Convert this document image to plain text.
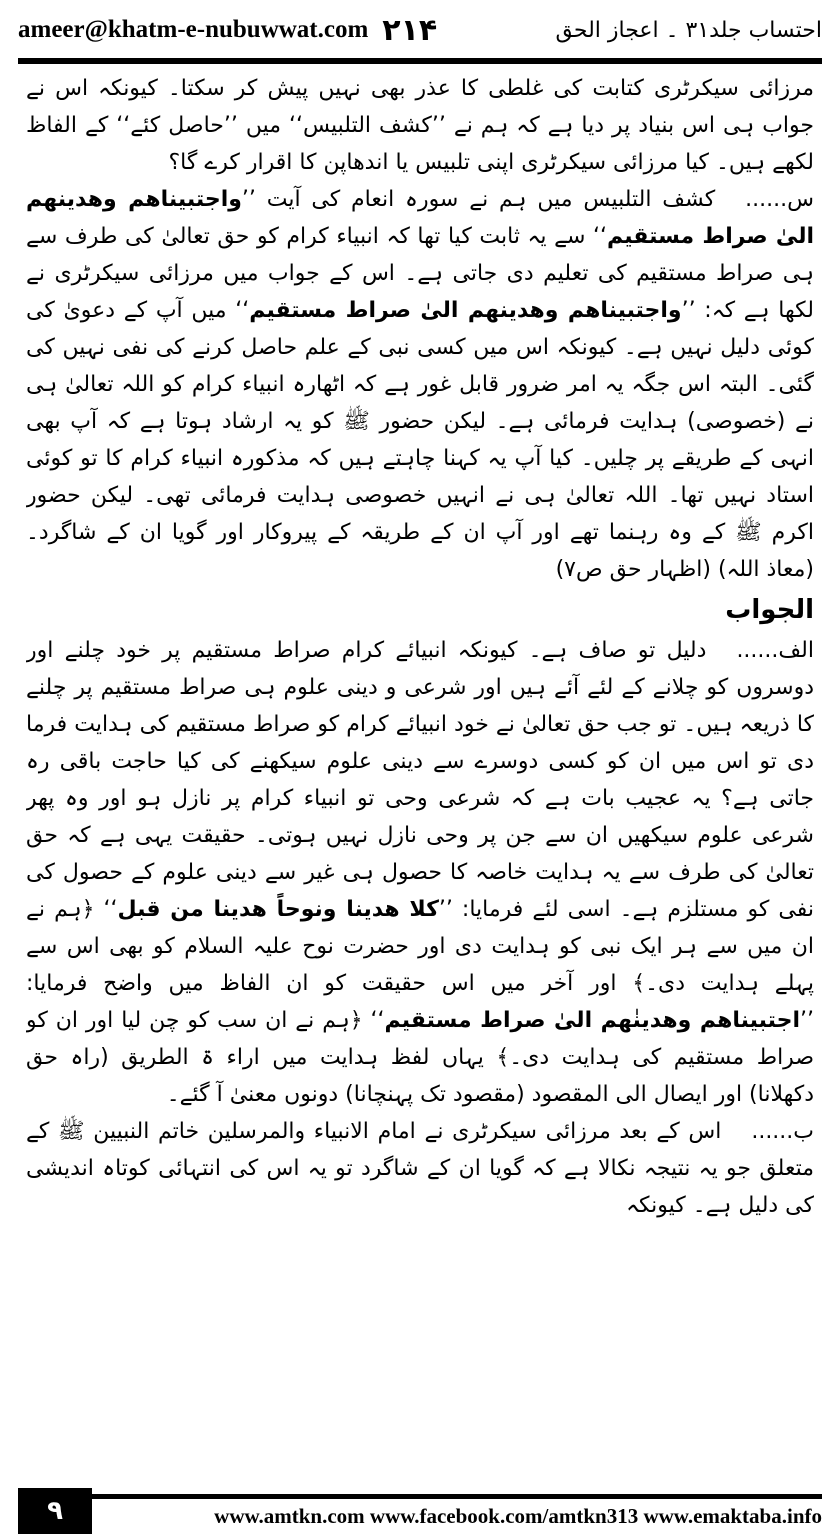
ameer@khatm-e-nubuwwat.com ۲۱۴	احتساب جلد۳۱ ۔ اعجاز الحق

مرزائی سیکرٹری کتابت کی غلطی کا عذر بھی نہیں پیش کر سکتا۔ کیونکہ اس نے جواب ہی اس بنیاد پر دیا ہے کہ ہم نے ’’کشف التلبیس‘‘ میں ’’حاصل کئے‘‘ کے الفاظ لکھے ہیں۔ کیا مرزائی سیکرٹری اپنی تلبیس یا اندھاپن کا اقرار کرے گا؟

س......کشف التلبیس میں ہم نے سورہ انعام کی آیت ’’واجتبیناھم وھدینھم الیٰ صراط مستقیم‘‘ سے یہ ثابت کیا تھا کہ انبیاء کرام کو حق تعالیٰ کی طرف سے ہی صراط مستقیم کی تعلیم دی جاتی ہے۔ اس کے جواب میں مرزائی سیکرٹری نے لکھا ہے کہ: ’’واجتبیناھم وھدینھم الیٰ صراط مستقیم‘‘ میں آپ کے دعویٰ کی کوئی دلیل نہیں ہے۔ کیونکہ اس میں کسی نبی کے علم حاصل کرنے کی نفی نہیں کی گئی۔ البتہ اس جگہ یہ امر ضرور قابل غور ہے کہ اٹھارہ انبیاء کرام کو اللہ تعالیٰ ہی نے (خصوصی) ہدایت فرمائی ہے۔ لیکن حضور ﷺ کو یہ ارشاد ہوتا ہے کہ آپ بھی انہی کے طریقے پر چلیں۔ کیا آپ یہ کہنا چاہتے ہیں کہ مذکورہ انبیاء کرام کا تو کوئی استاد نہیں تھا۔ اللہ تعالیٰ ہی نے انہیں خصوصی ہدایت فرمائی تھی۔ لیکن حضور اکرم ﷺ کے وہ رہنما تھے اور آپ ان کے طریقہ کے پیروکار اور گویا ان کے شاگرد۔ (معاذ اللہ) (اظہار حق ص۷)

الجواب

الف......دلیل تو صاف ہے۔ کیونکہ انبیائے کرام صراط مستقیم پر خود چلنے اور دوسروں کو چلانے کے لئے آئے ہیں اور شرعی و دینی علوم ہی صراط مستقیم پر چلنے کا ذریعہ ہیں۔ تو جب حق تعالیٰ نے خود انبیائے کرام کو صراط مستقیم کی ہدایت فرما دی تو اس میں ان کو کسی دوسرے سے دینی علوم سیکھنے کی کیا حاجت باقی رہ جاتی ہے؟ یہ عجیب بات ہے کہ شرعی وحی تو انبیاء کرام پر نازل ہو اور وہ پھر شرعی علوم سیکھیں ان سے جن پر وحی نازل نہیں ہوتی۔ حقیقت یہی ہے کہ حق تعالیٰ کی طرف سے یہ ہدایت خاصہ کا حصول ہی غیر سے دینی علوم کے حصول کی نفی کو مستلزم ہے۔ اسی لئے فرمایا: ’’کلا ھدینا ونوحاً ھدینا من قبل‘‘ ﴿ہم نے ان میں سے ہر ایک نبی کو ہدایت دی اور حضرت نوح علیہ السلام کو بھی اس سے پہلے ہدایت دی۔﴾ اور آخر میں اس حقیقت کو ان الفاظ میں واضح فرمایا: ’’اجتبیناھم وھدینٰھم الیٰ صراط مستقیم‘‘ ﴿ہم نے ان سب کو چن لیا اور ان کو صراط مستقیم کی ہدایت دی۔﴾ یہاں لفظ ہدایت میں اراء ۃ الطریق (راہ حق دکھلانا) اور ایصال الی المقصود (مقصود تک پہنچانا) دونوں معنیٰ آ گئے۔

ب......اس کے بعد مرزائی سیکرٹری نے امام الانبیاء والمرسلین خاتم النبیین ﷺ کے متعلق جو یہ نتیجہ نکالا ہے کہ گویا ان کے شاگرد تو یہ اس کی انتہائی کوتاہ اندیشی کی دلیل ہے۔ کیونکہ

۹	www.amtkn.com www.facebook.com/amtkn313 www.emaktaba.info
